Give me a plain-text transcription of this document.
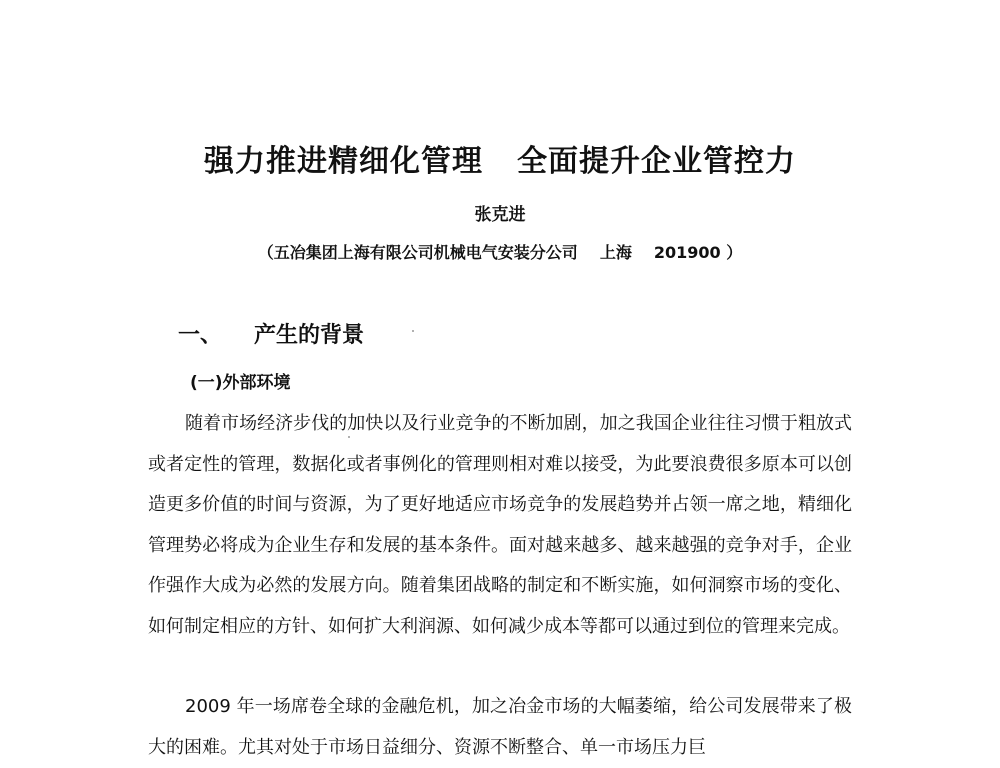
强力推进精细化管理 全面提升企业管控力
张克进
（五冶集团上海有限公司机械电气安装分公司 上海 201900 ）
一、 产生的背景
(一)外部环境

随着市场经济步伐的加快以及行业竞争的不断加剧，加之我国企业往往习惯于粗放式或者定性的管理，数据化或者事例化的管理则相对难以接受，为此要浪费很多原本可以创造更多价值的时间与资源，为了更好地适应市场竞争的发展趋势并占领一席之地，精细化管理势必将成为企业生存和发展的基本条件。面对越来越多、越来越强的竞争对手，企业作强作大成为必然的发展方向。随着集团战略的制定和不断实施，如何洞察市场的变化、如何制定相应的方针、如何扩大利润源、如何减少成本等都可以通过到位的管理来完成。

2009 年一场席卷全球的金融危机，加之冶金市场的大幅萎缩，给公司发展带来了极大的困难。尤其对处于市场日益细分、资源不断整合、单一市场压力巨
